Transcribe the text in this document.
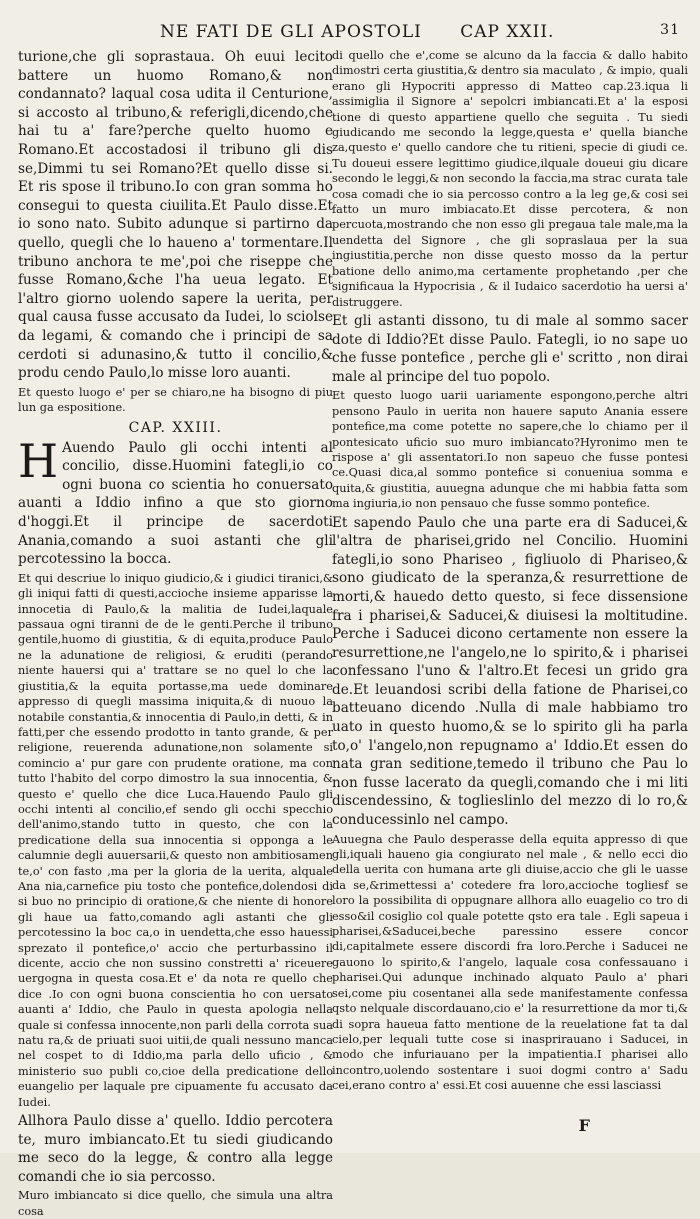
NE FATI DE GLI APOSTOLI CAP XXII.	31

turione,che gli soprastaua. Oh euui lecito battere un huomo Romano,& non condannato? laqual cosa udita il Centurione, si accosto al tribuno,& referigli,dicendo,che hai tu a' fare?perche quelto huomo e Romano.Et accostadosi il tribuno gli dis se,Dimmi tu sei Romano?Et quello disse si. Et ris spose il tribuno.Io con gran somma ho consegui to questa ciuilita.Et Paulo disse.Et io sono nato. Subito adunque si partirno da quello, quegli che lo haueno a' tormentare.Il tribuno anchora te me',poi che riseppe che fusse Romano,&che l'ha ueua legato. Et l'altro giorno uolendo sapere la uerita, per qual causa fusse accusato da Iudei, lo sciolse da legami, & comando che i principi de sa cerdoti si adunasino,& tutto il concilio,& produ cendo Paulo,lo misse loro auanti.

Et questo luogo e' per se chiaro,ne ha bisogno di piu lun ga espositione.

CAP. XXIII.

H Auendo Paulo gli occhi intenti al concilio, disse.Huomini fategli,io co ogni buona co scientia ho conuersato auanti a Iddio infino a que sto giorno d'hoggi.Et il principe de sacerdoti Anania,comando a suoi astanti che gli percotessino la bocca.

Et qui descriue lo iniquo giudicio,& i giudici tiranici,& gli iniqui fatti di questi,accioche insieme apparisse la innocetia di Paulo,& la malitia de Iudei,laquale passaua ogni tiranni de de le genti.Perche il tribuno gentile,huomo di giustitia, & di equita,produce Paulo ne la adunatione de religiosi, & eruditi (perando niente hauersi qui a' trattare se no quel lo che la giustitia,& la equita portasse,ma uede dominare appresso di quegli massima iniquita,& di nuouo la notabile constantia,& innocentia di Paulo,in detti, & in fatti,per che essendo prodotto in tanto grande, & per religione, reuerenda adunatione,non solamente si comincio a' pur gare con prudente oratione, ma con tutto l'habito del corpo dimostro la sua innocentia, & questo e' quello che dice Luca.Hauendo Paulo gli occhi intenti al concilio,ef sendo gli occhi specchio dell'animo,stando tutto in questo, che con la predicatione della sua innocentia si opponga a le calumnie degli auuersarii,& questo non ambitiosamen te,o' con fasto ,ma per la gloria de la uerita, alquale Ana nia,carnefice piu tosto che pontefice,dolendosi di si buo no principio di oratione,& che niente di honore gli haue ua fatto,comando agli astanti che gli percotessino la boc ca,o in uendetta,che esso hauessi sprezato il pontefice,o' accio che perturbassino il dicente, accio che non sussino constretti a' riceuere uergogna in questa cosa.Et e' da nota re quello che dice .Io con ogni buona conscientia ho con uersato auanti a' Iddio, che Paulo in questa apologia nella quale si confessa innocente,non parli della corrota sua natu ra,& de priuati suoi uitii,de quali nessuno manca nel cospet to di Iddio,ma parla dello uficio , & ministerio suo publi co,cioe della predicatione dello euangelio per laquale pre cipuamente fu accusato da Iudei.

Allhora Paulo disse a' quello. Iddio percotera te, muro imbiancato.Et tu siedi giudicando me seco do la legge, & contro alla legge comandi che io sia percosso.

Muro imbiancato si dice quello, che simula una altra cosa

di quello che e',come se alcuno da la faccia & dallo habito dimostri certa giustitia,& dentro sia maculato , & impio, quali erano gli Hypocriti appresso di Matteo cap.23.iqua li assimiglia il Signore a' sepolcri imbiancati.Et a' la esposi tione di questo appartiene quello che seguita . Tu siedi giudicando me secondo la legge,questa e' quella bianche za,questo e' quello candore che tu ritieni, specie di giudi ce. Tu doueui essere legittimo giudice,ilquale doueui giu dicare secondo le leggi,& non secondo la faccia,ma strac curata tale cosa comadi che io sia percosso contro a la leg ge,& cosi sei fatto un muro imbiacato.Et disse percotera, & non percuota,mostrando che non esso gli pregaua tale male,ma la uendetta del Signore , che gli sopraslaua per la sua ingiustitia,perche non disse questo mosso da la pertur batione dello animo,ma certamente prophetando ,per che significaua la Hypocrisia , & il Iudaico sacerdotio ha uersi a' distruggere.

Et gli astanti dissono, tu di male al sommo sacer dote di Iddio?Et disse Paulo. Fategli, io no sape uo che fusse pontefice , perche gli e' scritto , non dirai male al principe del tuo popolo.

Et questo luogo uarii uariamente espongono,perche altri pensono Paulo in uerita non hauere saputo Anania essere pontefice,ma come potette no sapere,che lo chiamo per il pontesicato uficio suo muro imbiancato?Hyronimo men te rispose a' gli assentatori.Io non sapeuo che fusse pontesi ce.Quasi dica,al sommo pontefice si conueniua somma e quita,& giustitia, auuegna adunque che mi habbia fatta som ma ingiuria,io non pensauo che fusse sommo pontefice.

Et sapendo Paulo che una parte era di Saducei,& l'altra de pharisei,grido nel Concilio. Huomini fategli,io sono Phariseo , figliuolo di Phariseo,& sono giudicato de la speranza,& resurrettione de morti,& hauedo detto questo, si fece dissensione fra i pharisei,& Saducei,& diuisesi la moltitudine. Perche i Saducei dicono certamente non essere la resurrettione,ne l'angelo,ne lo spirito,& i pharisei confessano l'uno & l'altro.Et fecesi un grido gra de.Et leuandosi scribi della fatione de Pharisei,co batteuano dicendo .Nulla di male habbiamo tro uato in questo huomo,& se lo spirito gli ha parla to,o' l'angelo,non repugnamo a' Iddio.Et essen do nata gran seditione,temedo il tribuno che Pau lo non fusse lacerato da quegli,comando che i mi liti discendessino, & toglieslinlo del mezzo di lo ro,& conducessinlo nel campo.

Auuegna che Paulo desperasse della equita appresso di que gli,iquali haueno gia congiurato nel male , & nello ecci dio della uerita con humana arte gli diuise,accio che gli le uasse da se,&rimettessi a' cotedere fra loro,accioche togliesf se loro la possibilita di oppugnare allhora allo euagelio co tro di esso&il cosiglio col quale potette qsto era tale . Egli sapeua i pharisei,&Saducei,beche paressino essere concor di,capitalmete essere discordi fra loro.Perche i Saducei ne gauono lo spirito,& l'angelo, laquale cosa confessauano i pharisei.Qui adunque inchinado alquato Paulo a' phari sei,come piu cosentanei alla sede manifestamente confessa qsto nelquale discordauano,cio e' la resurrettione da mor ti,& di sopra haueua fatto mentione de la reuelatione fat ta dal cielo,per lequali tutte cose si inasprirauano i Saducei, in modo che infuriauano per la impatientia.I pharisei allo incontro,uolendo sostentare i suoi dogmi contro a' Sadu cei,erano contro a' essi.Et cosi auuenne che essi lasciassi

F
